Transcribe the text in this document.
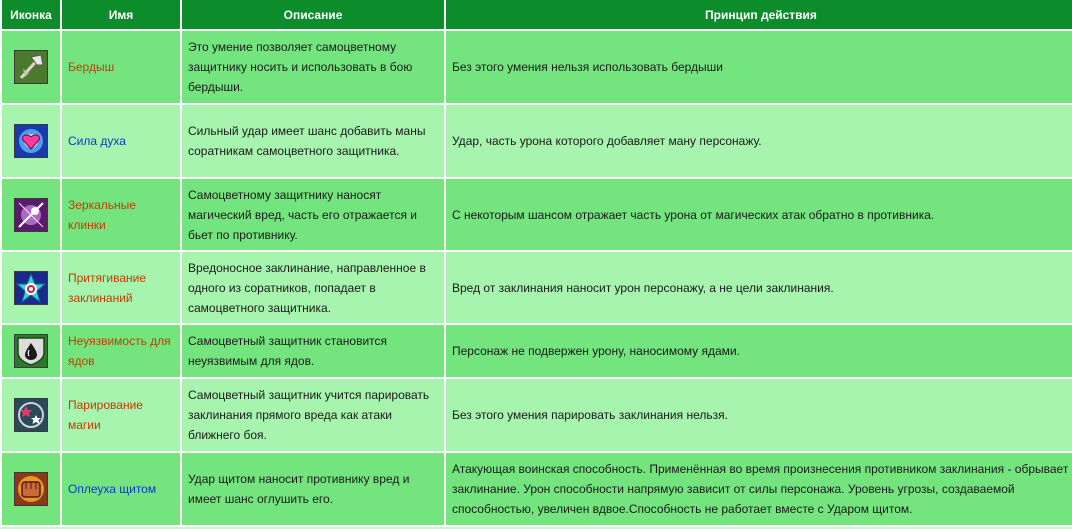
Иконка	Имя	Описание	Принцип действия

	Бердыш	Это умение позволяет самоцветному защитнику носить и использовать в бою бердыши.	Без этого умения нельзя использовать бердыши

	Сила духа	Сильный удар имеет шанс добавить маны соратникам самоцветного защитника.	Удар, часть урона которого добавляет ману персонажу.

	Зеркальные клинки	Самоцветному защитнику наносят магический вред, часть его отражается и бьет по противнику.	С некоторым шансом отражает часть урона от магических атак обратно в противника.

	Притягивание заклинаний	Вредоносное заклинание, направленное в одного из соратников, попадает в самоцветного защитника.	Вред от заклинания наносит урон персонажу, а не цели заклинания.

	Неуязвимость для ядов	Самоцветный защитник становится неуязвимым для ядов.	Персонаж не подвержен урону, наносимому ядами.

	Парирование магии	Самоцветный защитник учится парировать заклинания прямого вреда как атаки ближнего боя.	Без этого умения парировать заклинания нельзя.

	Оплеуха щитом	Удар щитом наносит противнику вред и имеет шанс оглушить его.	Атакующая воинская способность. Применённая во время произнесения противником заклинания - обрывает заклинание. Урон способности напрямую зависит от силы персонажа. Уровень угрозы, создаваемой способностью, увеличен вдвое.Способность не работает вместе с Ударом щитом.
